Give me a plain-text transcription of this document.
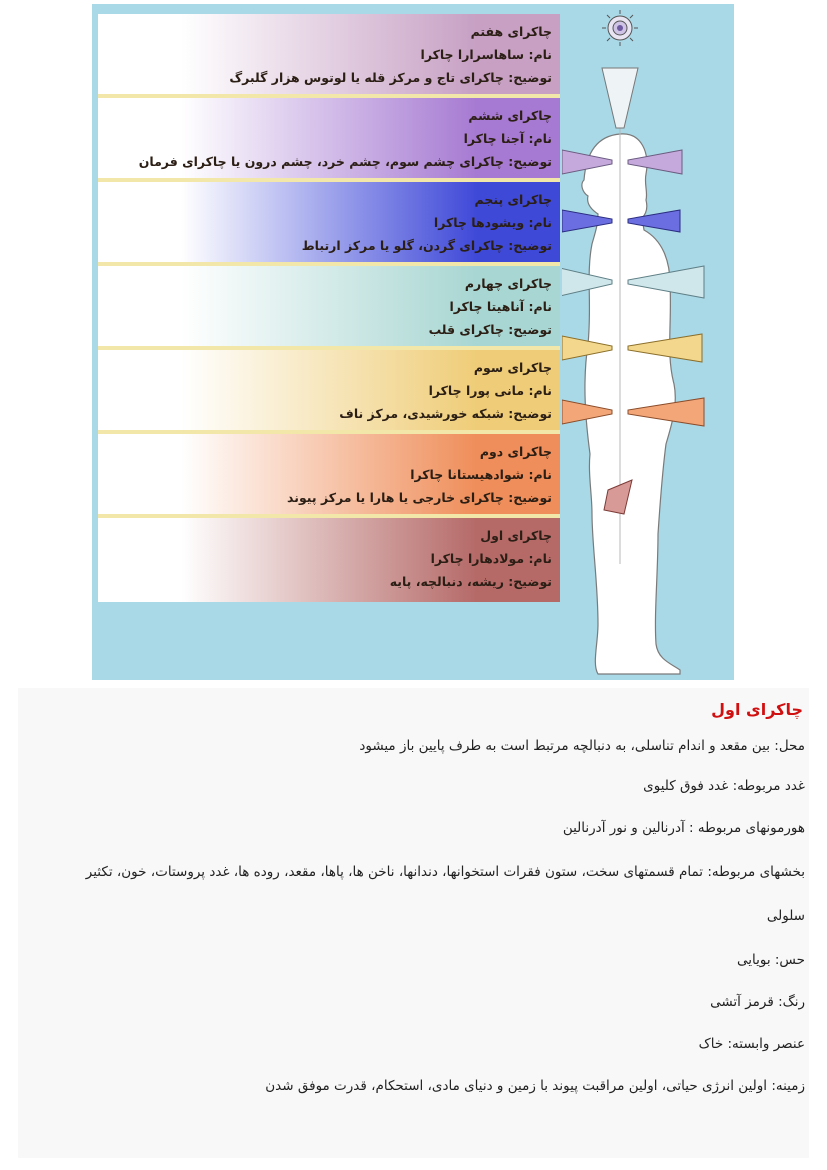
چاکرای هفتم
نام: ساهاسرارا چاکرا
توضیح: چاکرای تاج و مرکز قله یا لوتوس هزار گلبرگ
چاکرای ششم
نام: آجنا چاکرا
توضیح: چاکرای چشم سوم، چشم خرد، چشم درون یا چاکرای فرمان
چاکرای پنجم
نام: ویشودها چاکرا
توضیح: چاکرای گردن، گلو یا مرکز ارتباط
چاکرای چهارم
نام: آناهیتا چاکرا
توضیح: چاکرای قلب
چاکرای سوم
نام: مانی پورا چاکرا
توضیح: شبکه خورشیدی، مرکز ناف
چاکرای دوم
نام: شوادهیستانا چاکرا
توضیح: چاکرای خارجی یا هارا یا مرکز پیوند
چاکرای اول
نام: مولادهارا چاکرا
توضیح: ریشه، دنبالچه، پایه
چاکرای اول
محل: بین مقعد و اندام تناسلی، به دنبالچه مرتبط است به طرف پایین باز میشود
غدد مربوطه: غدد فوق کلیوی
هورمونهای مربوطه : آدرنالین و نور آدرنالین
بخشهای مربوطه: تمام قسمتهای سخت، ستون فقرات استخوانها، دندانها، ناخن ها، پاها، مقعد، روده ها، غدد پروستات، خون، تکثیر
سلولی
حس: بویایی
رنگ: قرمز آتشی
عنصر وابسته: خاک
زمینه: اولین انرژی حیاتی، اولین مراقبت پیوند با زمین و دنیای مادی، استحکام، قدرت موفق شدن
